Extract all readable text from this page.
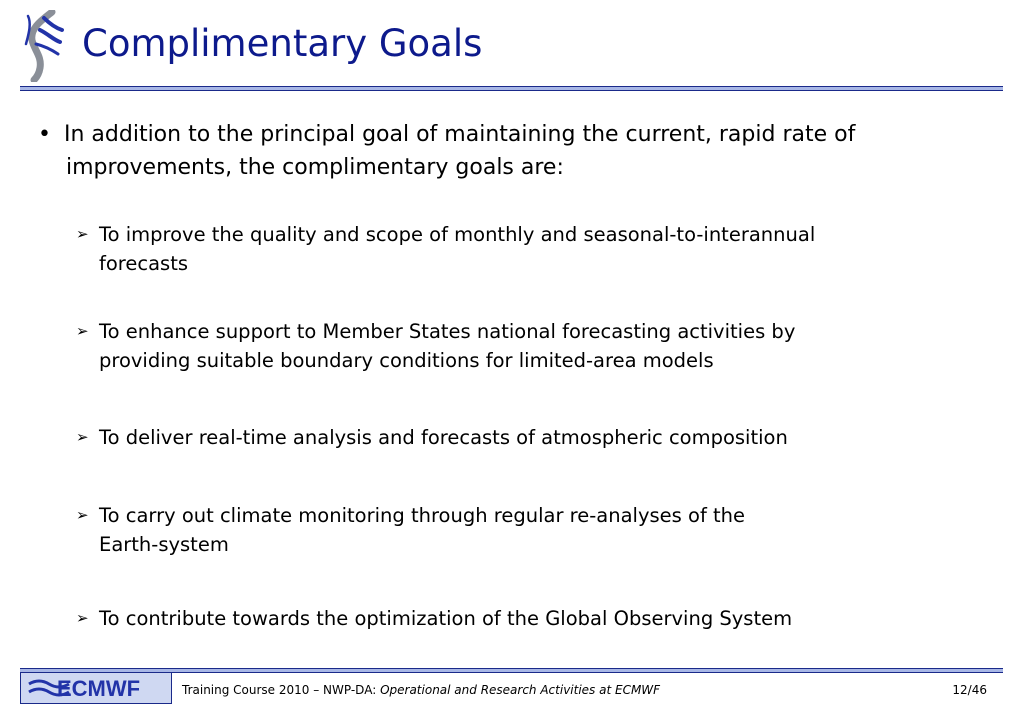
Complimentary Goals
• In addition to the principal goal of maintaining the current, rapid rate of improvements, the complimentary goals are:
➢ To improve the quality and scope of monthly and seasonal-to-interannual
forecasts
➢ To enhance support to Member States national forecasting activities by
providing suitable boundary conditions for limited-area models
➢ To deliver real-time analysis and forecasts of atmospheric composition
➢ To carry out climate monitoring through regular re-analyses of the
Earth-system
➢ To contribute towards the optimization of the Global Observing System
ECMWF	Training Course 2010 – NWP-DA: Operational and Research Activities at ECMWF	12/46
